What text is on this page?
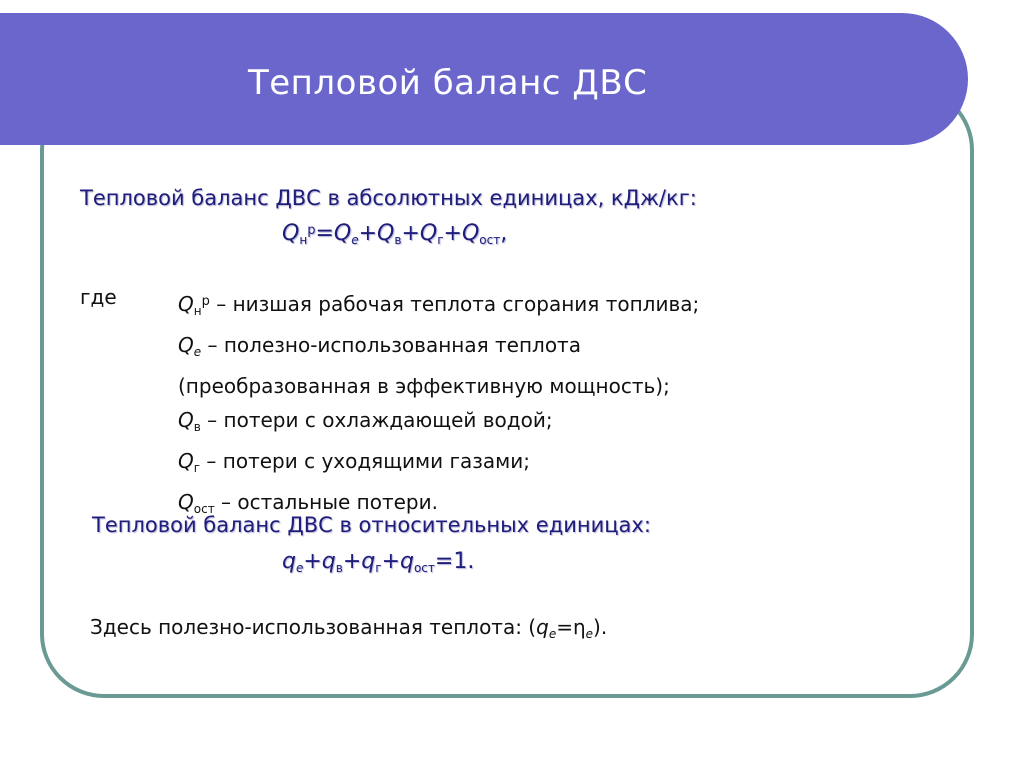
Тепловой баланс ДВС
Тепловой баланс ДВС в абсолютных единицах, кДж/кг:
$Q_н^р=Q_e+Q_в+Q_г+Q_{ост}$,
где	$Q_н^р$ – низшая рабочая теплота сгорания топлива;
$Q_e$ – полезно-использованная теплота
(преобразованная в эффективную мощность);
$Q_в$ – потери с охлаждающей водой;
$Q_г$ – потери с уходящими газами;
$Q_{ост}$ – остальные потери.
Тепловой баланс ДВС в относительных единицах:
$q_e+q_в+q_г+q_{ост}=1$.
Здесь полезно-использованная теплота: $(q_e=\eta_e)$.
